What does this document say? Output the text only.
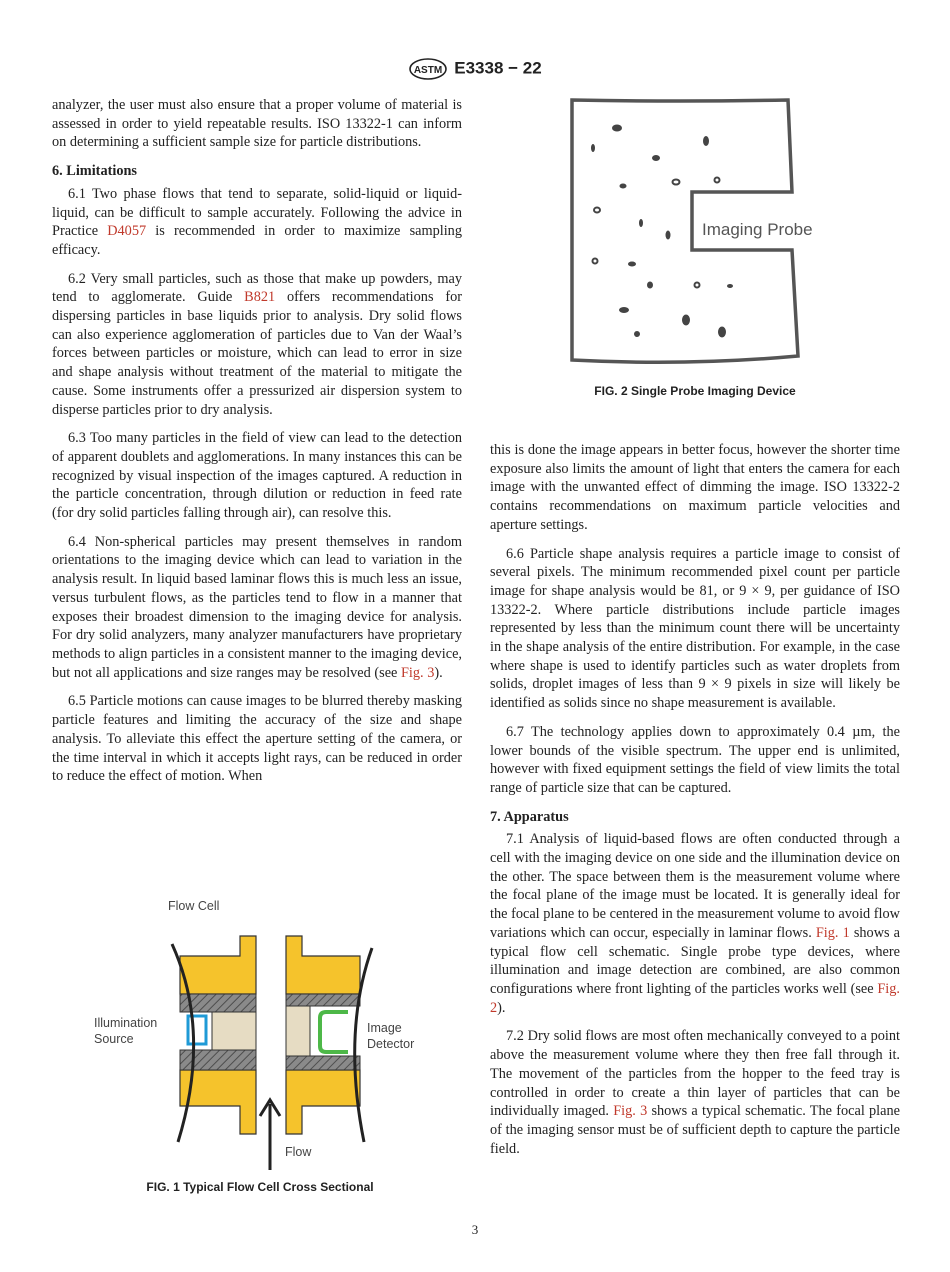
ASTM E3338 − 22

analyzer, the user must also ensure that a proper volume of material is assessed in order to yield repeatable results. ISO 13322-1 can inform on determining a sufficient sample size for particle distributions.

6. Limitations

6.1 Two phase flows that tend to separate, solid-liquid or liquid-liquid, can be difficult to sample accurately. Following the advice in Practice D4057 is recommended in order to maximize sampling efficacy.

6.2 Very small particles, such as those that make up powders, may tend to agglomerate. Guide B821 offers recommendations for dispersing particles in base liquids prior to analysis. Dry solid flows can also experience agglomeration of particles due to Van der Waal’s forces between particles or moisture, which can lead to error in size and shape analysis without treatment of the material to mitigate the cause. Some instruments offer a pressurized air dispersion system to disperse particles prior to dry analysis.

6.3 Too many particles in the field of view can lead to the detection of apparent doublets and agglomerations. In many instances this can be recognized by visual inspection of the images captured. A reduction in the particle concentration, through dilution or reduction in feed rate (for dry solid particles falling through air), can resolve this.

6.4 Non-spherical particles may present themselves in random orientations to the imaging device which can lead to variation in the analysis result. In liquid based laminar flows this is much less an issue, versus turbulent flows, as the particles tend to flow in a manner that exposes their broadest dimension to the imaging device for analysis. For dry solid analyzers, many analyzer manufacturers have proprietary methods to align particles in a consistent manner to the imaging device, but not all applications and size ranges may be resolved (see Fig. 3).

6.5 Particle motions can cause images to be blurred thereby masking particle features and limiting the accuracy of the size and shape analysis. To alleviate this effect the aperture setting of the camera, or the time interval in which it accepts light rays, can be reduced in order to reduce the effect of motion. When

Flow Cell
Illumination
Source
Image
Detector
Flow
FIG. 1 Typical Flow Cell Cross Sectional
Imaging Probe
FIG. 2 Single Probe Imaging Device

this is done the image appears in better focus, however the shorter time exposure also limits the amount of light that enters the camera for each image with the unwanted effect of dimming the image. ISO 13322-2 contains recommendations on maximum particle velocities and aperture settings.

6.6 Particle shape analysis requires a particle image to consist of several pixels. The minimum recommended pixel count per particle image for shape analysis would be 81, or 9 × 9, per guidance of ISO 13322-2. Where particle distributions include particle images represented by less than the minimum count there will be uncertainty in the shape analysis of the entire distribution. For example, in the case where shape is used to identify particles such as water droplets from solids, droplet images of less than 9 × 9 pixels in size will likely be identified as solids since no shape measurement is available.

6.7 The technology applies down to approximately 0.4 µm, the lower bounds of the visible spectrum. The upper end is unlimited, however with fixed equipment settings the field of view limits the total range of particle size that can be captured.

7. Apparatus

7.1 Analysis of liquid-based flows are often conducted through a cell with the imaging device on one side and the illumination device on the other. The space between them is the measurement volume where the focal plane of the image must be located. It is generally ideal for the focal plane to be centered in the measurement volume to avoid flow variations which can occur, especially in laminar flows. Fig. 1 shows a typical flow cell schematic. Single probe type devices, where illumination and image detection are combined, are also common configurations where front lighting of the particles works well (see Fig. 2).

7.2 Dry solid flows are most often mechanically conveyed to a point above the measurement volume where they then free fall through it. The movement of the particles from the hopper to the feed tray is controlled in order to create a thin layer of particles that can be individually imaged. Fig. 3 shows a typical schematic. The focal plane of the imaging sensor must be of sufficient depth to capture the particle field.

3
